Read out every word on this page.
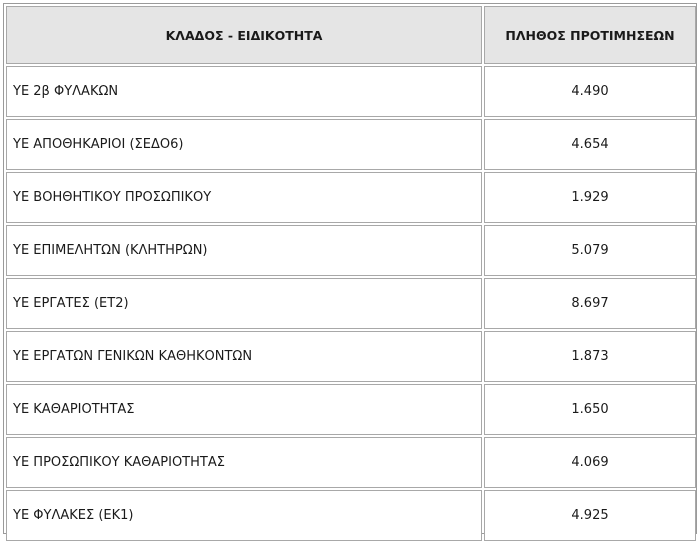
ΚΛΑΔΟΣ - ΕΙΔΙΚΟΤΗΤΑ	ΠΛΗΘΟΣ ΠΡΟΤΙΜΗΣΕΩΝ
ΥΕ 2β ΦΥΛΑΚΩΝ	4.490
ΥΕ ΑΠΟΘΗΚΑΡΙΟΙ (ΣΕΔΟ6)	4.654
ΥΕ ΒΟΗΘΗΤΙΚΟΥ ΠΡΟΣΩΠΙΚΟΥ	1.929
ΥΕ ΕΠΙΜΕΛΗΤΩΝ (ΚΛΗΤΗΡΩΝ)	5.079
ΥΕ ΕΡΓΑΤΕΣ (ΕΤ2)	8.697
ΥΕ ΕΡΓΑΤΩΝ ΓΕΝΙΚΩΝ ΚΑΘΗΚΟΝΤΩΝ	1.873
ΥΕ ΚΑΘΑΡΙΟΤΗΤΑΣ	1.650
ΥΕ ΠΡΟΣΩΠΙΚΟΥ ΚΑΘΑΡΙΟΤΗΤΑΣ	4.069
ΥΕ ΦΥΛΑΚΕΣ (ΕΚ1)	4.925
